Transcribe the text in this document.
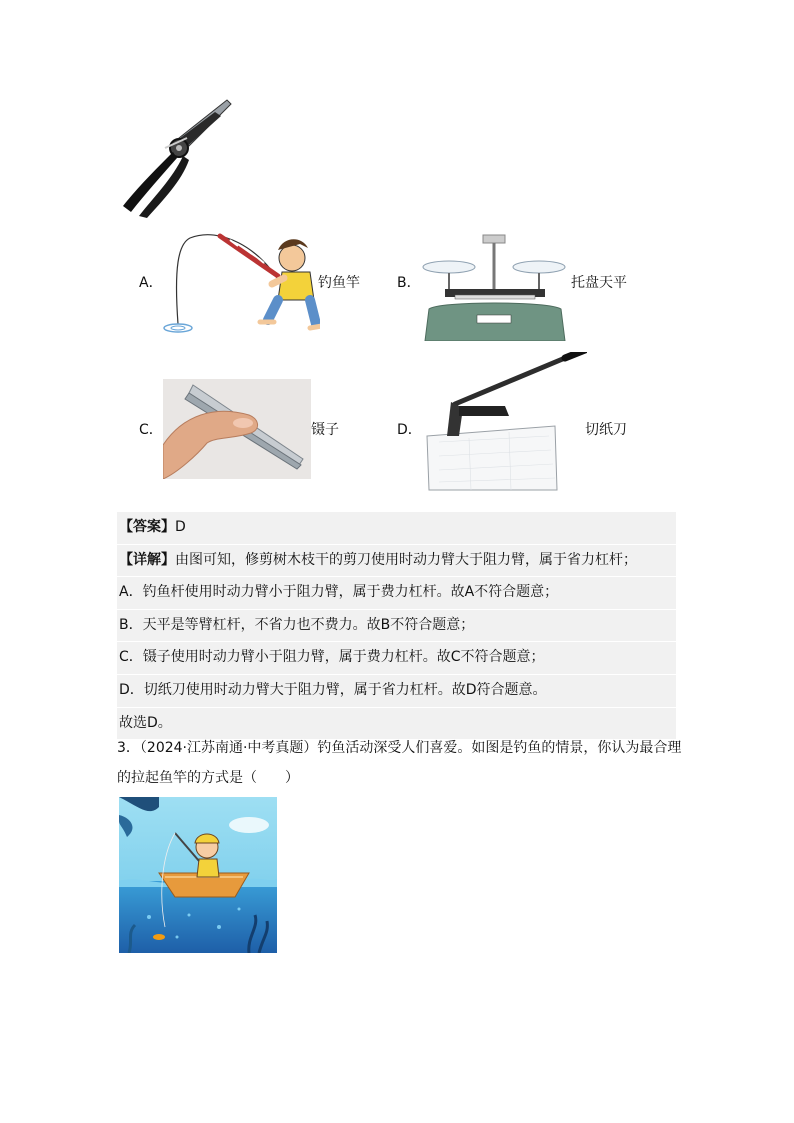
A．	钓鱼竿	B．	托盘天平
C．	镊子	D．	切纸刀
【答案】D
【详解】由图可知，修剪树木枝干的剪刀使用时动力臂大于阻力臂，属于省力杠杆；
A．钓鱼杆使用时动力臂小于阻力臂，属于费力杠杆。故A不符合题意；
B．天平是等臂杠杆，不省力也不费力。故B不符合题意；
C．镊子使用时动力臂小于阻力臂，属于费力杠杆。故C不符合题意；
D．切纸刀使用时动力臂大于阻力臂，属于省力杠杆。故D符合题意。
故选D。
3．（2024·江苏南通·中考真题）钓鱼活动深受人们喜爱。如图是钓鱼的情景，你认为最合理
的拉起鱼竿的方式是（　　）
